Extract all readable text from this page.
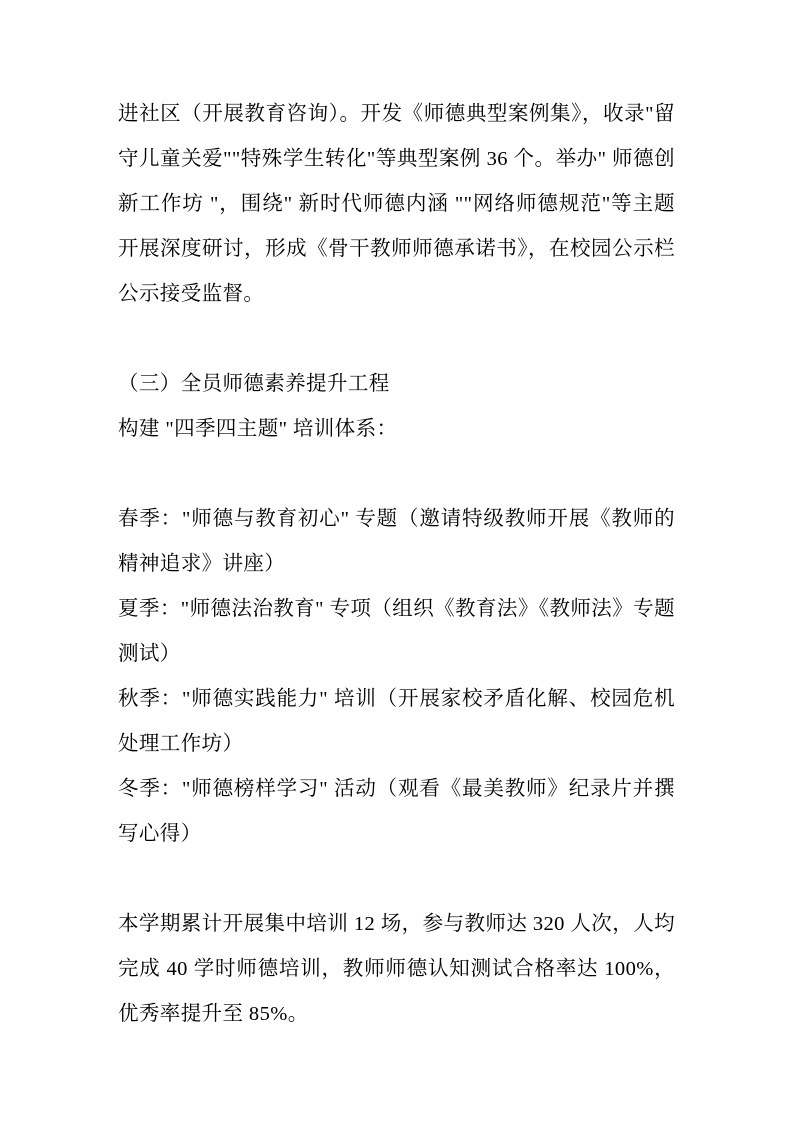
进社区（开展教育咨询）。开发《师德典型案例集》，收录"留守儿童关爱""特殊学生转化"等典型案例 36 个。举办" 师德创新工作坊 "，围绕" 新时代师德内涵 ""网络师德规范"等主题开展深度研讨，形成《骨干教师师德承诺书》，在校园公示栏公示接受监督。

（三）全员师德素养提升工程

构建 "四季四主题" 培训体系：

春季："师德与教育初心" 专题（邀请特级教师开展《教师的精神追求》讲座）

夏季："师德法治教育" 专项（组织《教育法》《教师法》专题测试）

秋季："师德实践能力" 培训（开展家校矛盾化解、校园危机处理工作坊）

冬季："师德榜样学习" 活动（观看《最美教师》纪录片并撰写心得）

本学期累计开展集中培训 12 场，参与教师达 320 人次，人均完成 40 学时师德培训，教师师德认知测试合格率达 100%，优秀率提升至 85%。
